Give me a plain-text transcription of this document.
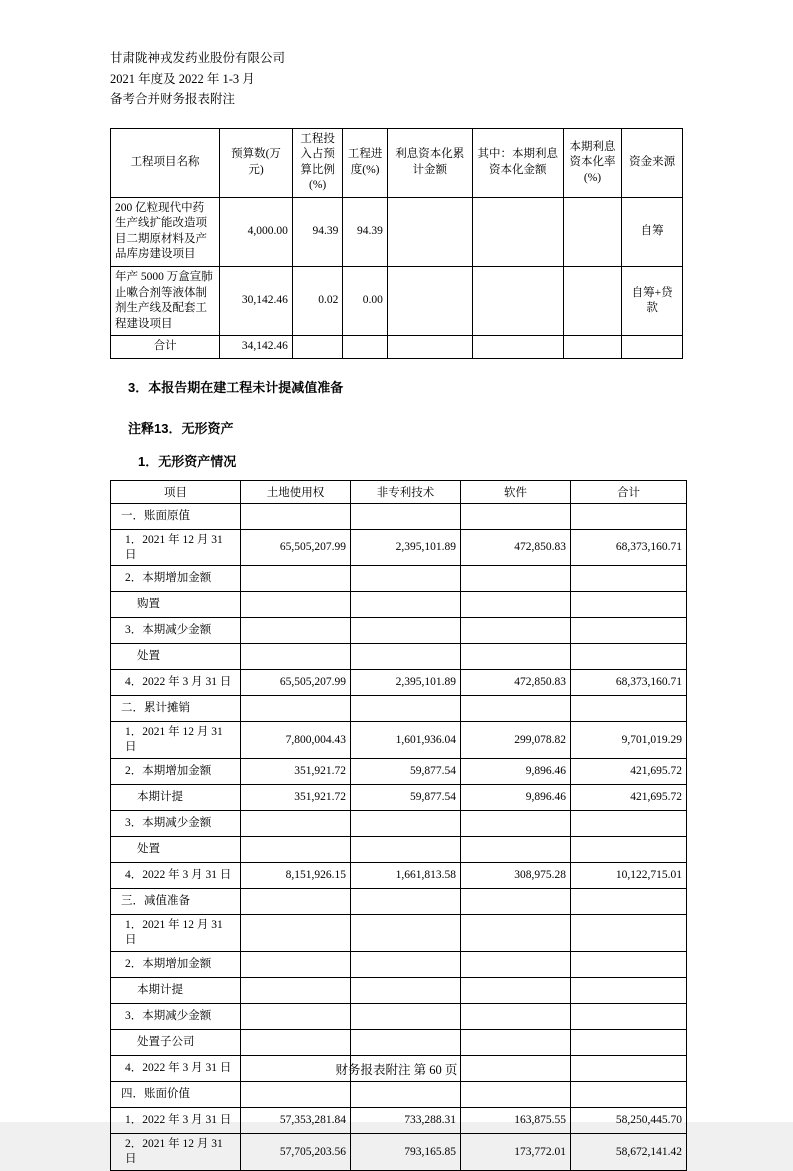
甘肃陇神戎发药业股份有限公司
2021 年度及 2022 年 1-3 月
备考合并财务报表附注
工程项目名称	预算数(万元)	工程投入占预算比例(%)	工程进度(%)	利息资本化累计金额	其中：本期利息资本化金额	本期利息资本化率(%)	资金来源
200 亿粒现代中药生产线扩能改造项目二期原材料及产品库房建设项目	4,000.00	94.39	94.39				自筹
年产 5000 万盒宣肺止嗽合剂等液体制剂生产线及配套工程建设项目	30,142.46	0.02	0.00				自筹+贷款
合计	34,142.46						
3．本报告期在建工程未计提减值准备
注释13．无形资产
1．无形资产情况
项目	土地使用权	非专利技术	软件	合计
一．账面原值				
1．2021 年 12 月 31 日	65,505,207.99	2,395,101.89	472,850.83	68,373,160.71
2．本期增加金额				
购置				
3．本期减少金额				
处置				
4．2022 年 3 月 31 日	65,505,207.99	2,395,101.89	472,850.83	68,373,160.71
二．累计摊销				
1．2021 年 12 月 31 日	7,800,004.43	1,601,936.04	299,078.82	9,701,019.29
2．本期增加金额	351,921.72	59,877.54	9,896.46	421,695.72
本期计提	351,921.72	59,877.54	9,896.46	421,695.72
3．本期减少金额				
处置				
4．2022 年 3 月 31 日	8,151,926.15	1,661,813.58	308,975.28	10,122,715.01
三．减值准备				
1．2021 年 12 月 31 日				
2．本期增加金额				
本期计提				
3．本期减少金额				
处置子公司				
4．2022 年 3 月 31 日				
四．账面价值				
1．2022 年 3 月 31 日	57,353,281.84	733,288.31	163,875.55	58,250,445.70
2．2021 年 12 月 31 日	57,705,203.56	793,165.85	173,772.01	58,672,141.42
财务报表附注 第 60 页
